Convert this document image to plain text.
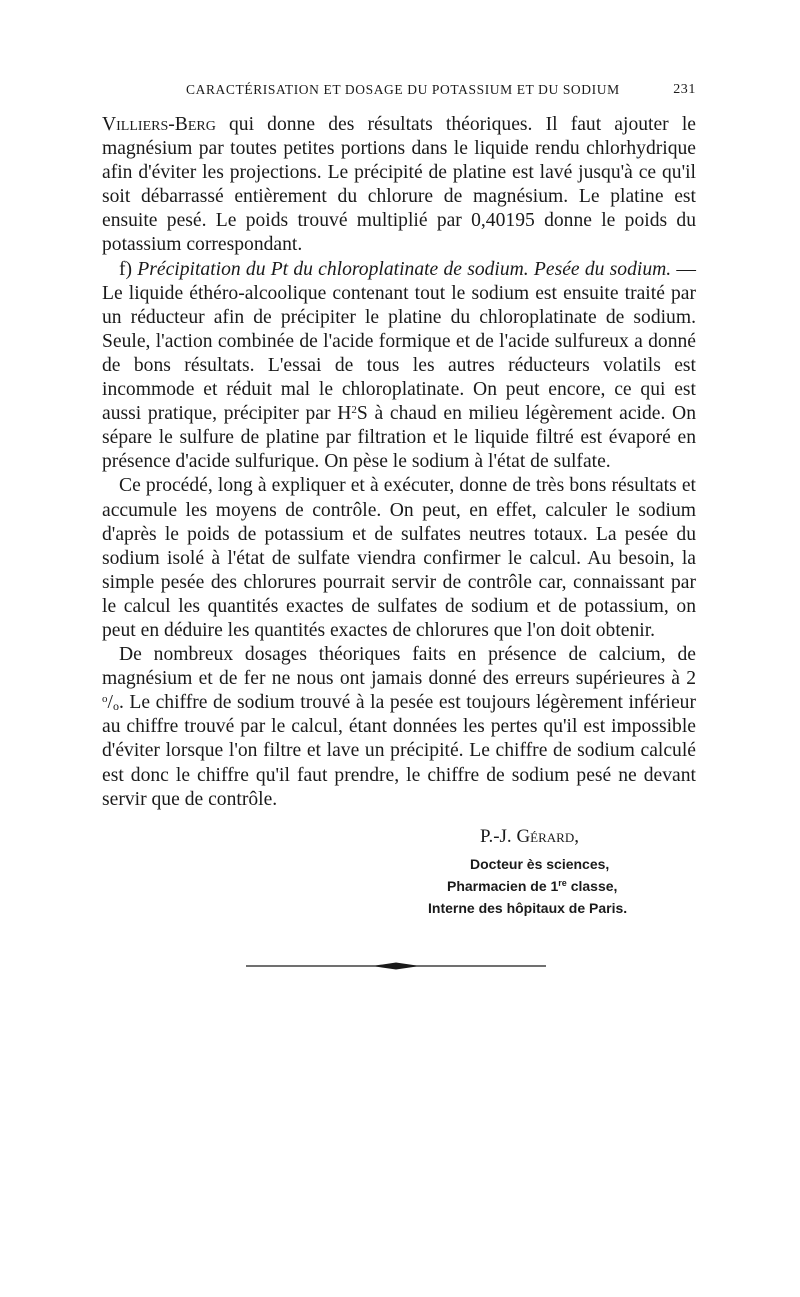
CARACTÉRISATION ET DOSAGE DU POTASSIUM ET DU SODIUM	231

Villiers-Berg qui donne des résultats théoriques. Il faut ajouter le magnésium par toutes petites portions dans le liquide rendu chlorhydrique afin d'éviter les projections. Le précipité de platine est lavé jusqu'à ce qu'il soit débarrassé entièrement du chlorure de magnésium. Le platine est ensuite pesé. Le poids trouvé multiplié par 0,40195 donne le poids du potassium correspondant.

f) Précipitation du Pt du chloroplatinate de sodium. Pesée du sodium. — Le liquide éthéro-alcoolique contenant tout le sodium est ensuite traité par un réducteur afin de précipiter le platine du chloroplatinate de sodium. Seule, l'action combinée de l'acide formique et de l'acide sulfureux a donné de bons résultats. L'essai de tous les autres réducteurs volatils est incommode et réduit mal le chloroplatinate. On peut encore, ce qui est aussi pratique, précipiter par $H^2S$ à chaud en milieu légèrement acide. On sépare le sulfure de platine par filtration et le liquide filtré est évaporé en présence d'acide sulfurique. On pèse le sodium à l'état de sulfate.

Ce procédé, long à expliquer et à exécuter, donne de très bons résultats et accumule les moyens de contrôle. On peut, en effet, calculer le sodium d'après le poids de potassium et de sulfates neutres totaux. La pesée du sodium isolé à l'état de sulfate viendra confirmer le calcul. Au besoin, la simple pesée des chlorures pourrait servir de contrôle car, connaissant par le calcul les quantités exactes de sulfates de sodium et de potassium, on peut en déduire les quantités exactes de chlorures que l'on doit obtenir.

De nombreux dosages théoriques faits en présence de calcium, de magnésium et de fer ne nous ont jamais donné des erreurs supérieures à 2 $^o/_o$. Le chiffre de sodium trouvé à la pesée est toujours légèrement inférieur au chiffre trouvé par le calcul, étant données les pertes qu'il est impossible d'éviter lorsque l'on filtre et lave un précipité. Le chiffre de sodium calculé est donc le chiffre qu'il faut prendre, le chiffre de sodium pesé ne devant servir que de contrôle.

P.-J. Gérard,
Docteur ès sciences,
Pharmacien de 1re classe,
Interne des hôpitaux de Paris.
